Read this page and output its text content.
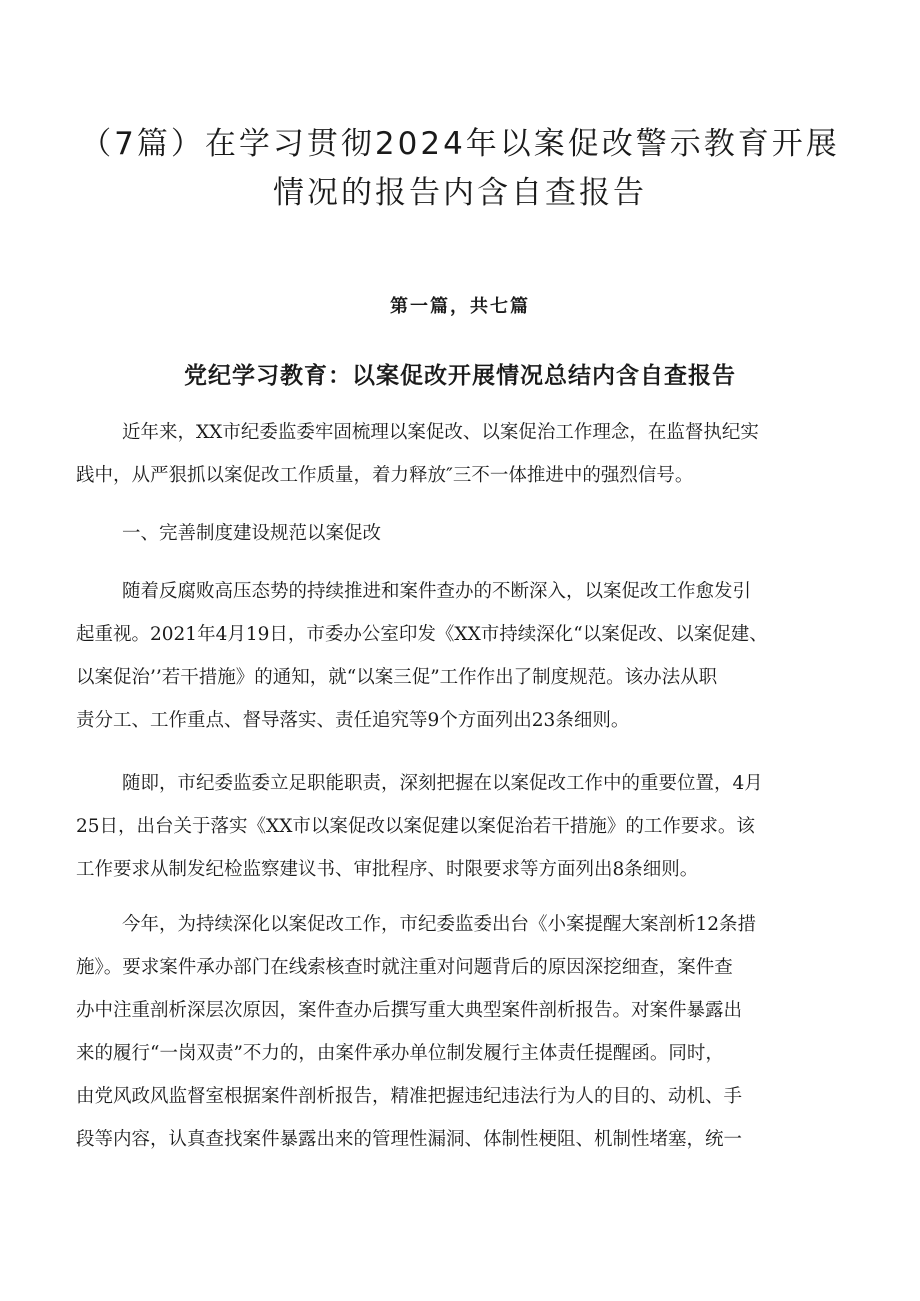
（7篇）在学习贯彻2024年以案促改警示教育开展
情况的报告内含自查报告
第一篇，共七篇
党纪学习教育：以案促改开展情况总结内含自查报告

近年来，XX市纪委监委牢固梳理以案促改、以案促治工作理念，在监督执纪实
践中，从严狠抓以案促改工作质量，着力释放″三不一体推进中的强烈信号。

一、完善制度建设规范以案促改

随着反腐败高压态势的持续推进和案件查办的不断深入，以案促改工作愈发引
起重视。2021年4月19日，市委办公室印发《XX市持续深化“以案促改、以案促建、
以案促治’’若干措施》的通知，就“以案三促”工作作出了制度规范。该办法从职
责分工、工作重点、督导落实、责任追究等9个方面列出23条细则。

随即，市纪委监委立足职能职责，深刻把握在以案促改工作中的重要位置，4月
25日，出台关于落实《XX市以案促改以案促建以案促治若干措施》的工作要求。该
工作要求从制发纪检监察建议书、审批程序、时限要求等方面列出8条细则。

今年，为持续深化以案促改工作，市纪委监委出台《小案提醒大案剖析12条措
施》。要求案件承办部门在线索核查时就注重对问题背后的原因深挖细查，案件查
办中注重剖析深层次原因，案件查办后撰写重大典型案件剖析报告。对案件暴露出
来的履行“一岗双责”不力的，由案件承办单位制发履行主体责任提醒函。同时，
由党风政风监督室根据案件剖析报告，精准把握违纪违法行为人的目的、动机、手
段等内容，认真查找案件暴露出来的管理性漏洞、体制性梗阻、机制性堵塞，统一
